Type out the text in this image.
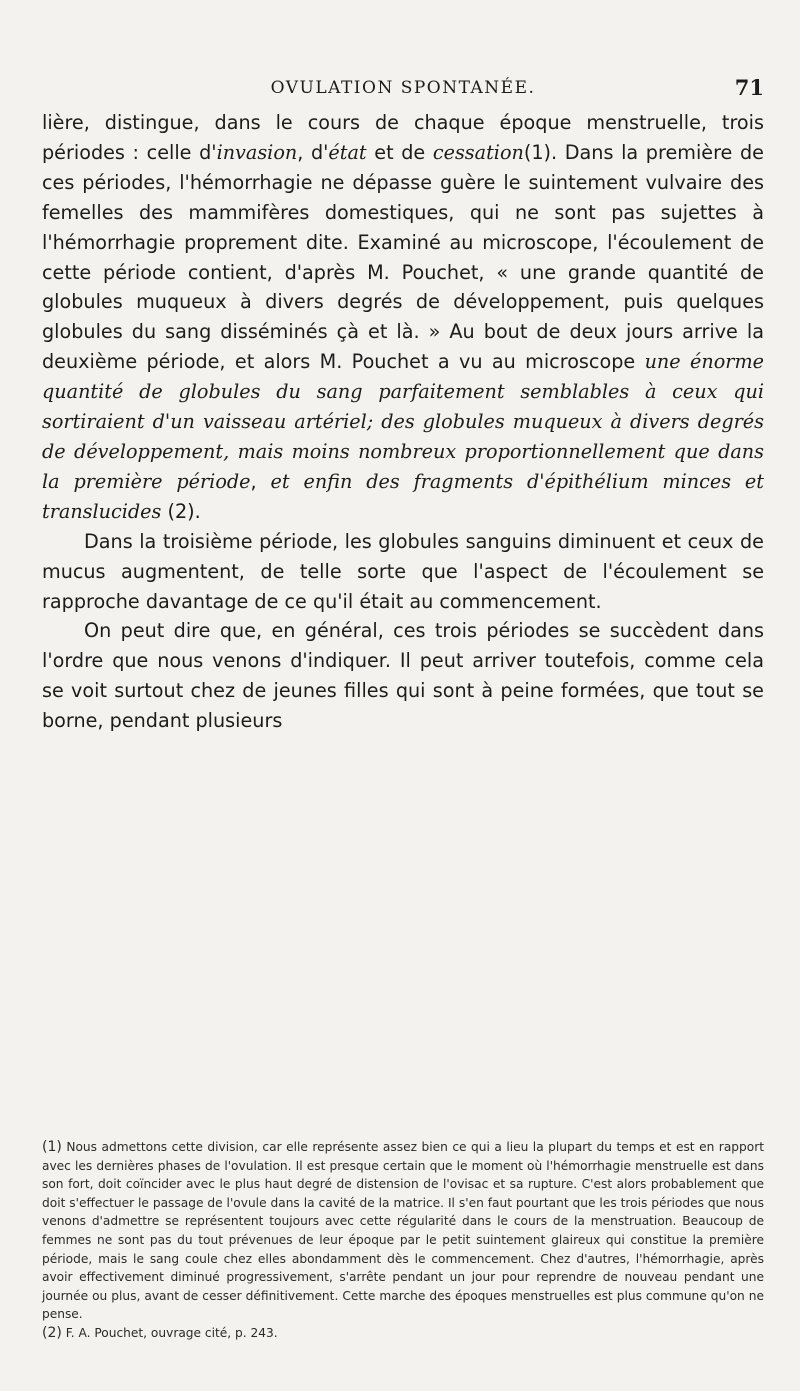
OVULATION SPONTANÉE.	71

lière, distingue, dans le cours de chaque époque menstruelle, trois périodes : celle d'invasion, d'état et de cessation(1). Dans la première de ces périodes, l'hémorrhagie ne dépasse guère le suintement vulvaire des femelles des mammifères domestiques, qui ne sont pas sujettes à l'hémorrhagie proprement dite. Examiné au microscope, l'écoulement de cette période contient, d'après M. Pouchet, « une grande quantité de globules muqueux à divers degrés de développement, puis quelques globules du sang disséminés çà et là. » Au bout de deux jours arrive la deuxième période, et alors M. Pouchet a vu au microscope une énorme quantité de globules du sang parfaitement semblables à ceux qui sortiraient d'un vaisseau artériel; des globules muqueux à divers degrés de développement, mais moins nombreux proportionnellement que dans la première période, et enfin des fragments d'épithélium minces et translucides (2).

Dans la troisième période, les globules sanguins diminuent et ceux de mucus augmentent, de telle sorte que l'aspect de l'écoulement se rapproche davantage de ce qu'il était au commencement.

On peut dire que, en général, ces trois périodes se succèdent dans l'ordre que nous venons d'indiquer. Il peut arriver toutefois, comme cela se voit surtout chez de jeunes filles qui sont à peine formées, que tout se borne, pendant plusieurs

(1) Nous admettons cette division, car elle représente assez bien ce qui a lieu la plupart du temps et est en rapport avec les dernières phases de l'ovulation. Il est presque certain que le moment où l'hémorrhagie menstruelle est dans son fort, doit coïncider avec le plus haut degré de distension de l'ovisac et sa rupture. C'est alors probablement que doit s'effectuer le passage de l'ovule dans la cavité de la matrice. Il s'en faut pourtant que les trois périodes que nous venons d'admettre se représentent toujours avec cette régularité dans le cours de la menstruation. Beaucoup de femmes ne sont pas du tout prévenues de leur époque par le petit suintement glaireux qui constitue la première période, mais le sang coule chez elles abondamment dès le commencement. Chez d'autres, l'hémorrhagie, après avoir effectivement diminué progressivement, s'arrête pendant un jour pour reprendre de nouveau pendant une journée ou plus, avant de cesser définitivement. Cette marche des époques menstruelles est plus commune qu'on ne pense.

(2) F. A. Pouchet, ouvrage cité, p. 243.
